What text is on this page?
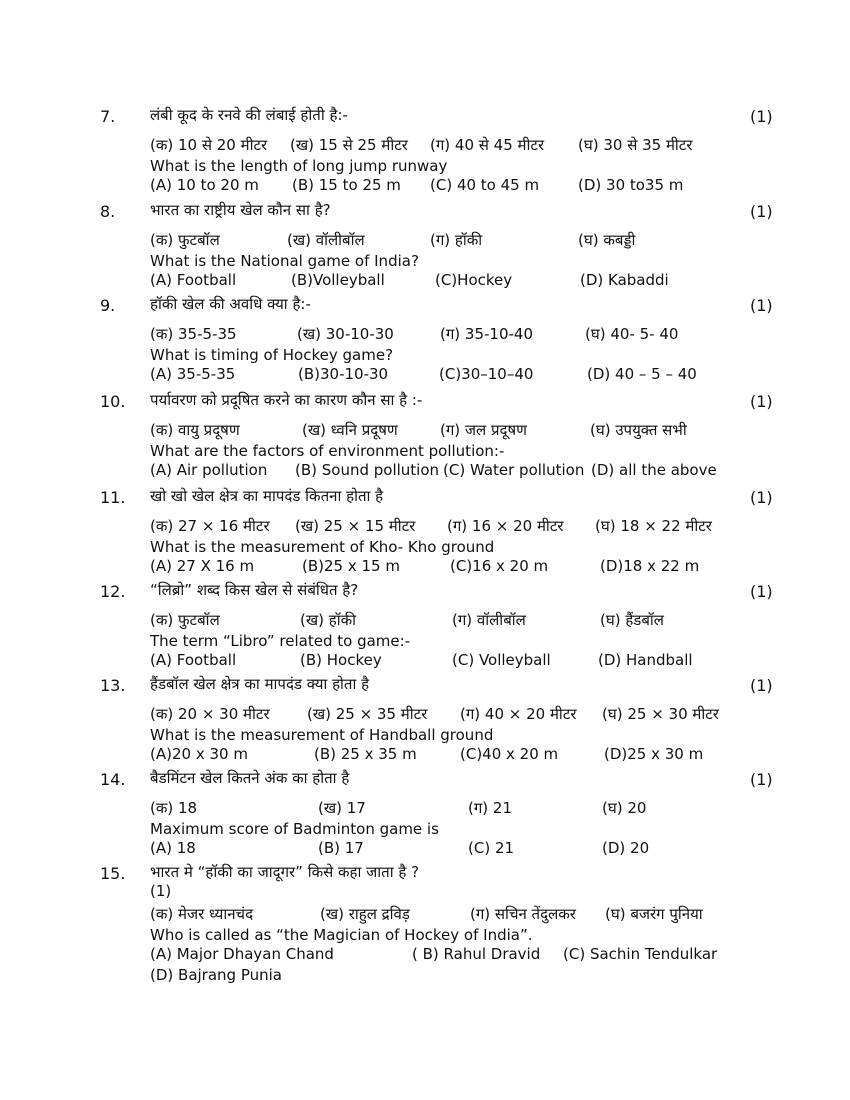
7. लंबी कूद के रनवे की लंबाई होती है:-	(1)
(क) 10 से 20 मीटर (ख) 15 से 25 मीटर (ग) 40 से 45 मीटर (घ) 30 से 35 मीटर
What is the length of long jump runway
(A) 10 to 20 m (B) 15 to 25 m (C) 40 to 45 m	(D) 30 to35 m
8. भारत का राष्ट्रीय खेल कौन सा है?	(1)
(क) फुटबॉल	(ख) वॉलीबॉल	(ग) हॉकी	(घ) कबड्डी
What is the National game of India?
(A) Football	(B)Volleyball	(C)Hockey	(D) Kabaddi
9. हॉकी खेल की अवधि क्या है:-	(1)
(क) 35-5-35	(ख) 30-10-30	(ग) 35-10-40	(घ) 40- 5- 40
What is timing of Hockey game?
(A) 35-5-35	(B)30-10-30	(C)30–10–40	(D) 40 – 5 – 40
10. पर्यावरण को प्रदूषित करने का कारण कौन सा है :-	(1)
(क) वायु प्रदूषण	(ख) ध्वनि प्रदूषण	(ग) जल प्रदूषण	(घ) उपयुक्त सभी
What are the factors of environment pollution:-
(A) Air pollution (B) Sound pollution (C) Water pollution (D) all the above
11. खो खो खेल क्षेत्र का मापदंड कितना होता है	(1)
(क) 27 × 16 मीटर (ख) 25 × 15 मीटर (ग) 16 × 20 मीटर (घ) 18 × 22 मीटर
What is the measurement of Kho- Kho ground
(A) 27 X 16 m	(B)25 x 15 m	(C)16 x 20 m	(D)18 x 22 m
12. “लिब्रो” शब्द किस खेल से संबंधित है?	(1)
(क) फुटबॉल	(ख) हॉकी	(ग) वॉलीबॉल	(घ) हैंडबॉल
The term “Libro” related to game:-
(A) Football	(B) Hockey	(C) Volleyball	(D) Handball
13. हैंडबॉल खेल क्षेत्र का मापदंड क्या होता है	(1)
(क) 20 × 30 मीटर (ख) 25 × 35 मीटर (ग) 40 × 20 मीटर (घ) 25 × 30 मीटर
What is the measurement of Handball ground
(A)20 x 30 m	(B) 25 x 35 m	(C)40 x 20 m	(D)25 x 30 m
14. बैडमिंटन खेल कितने अंक का होता है	(1)
(क) 18	(ख) 17	(ग) 21	(घ) 20
Maximum score of Badminton game is
(A) 18	(B) 17	(C) 21	(D) 20
15. भारत मे “हॉकी का जादूगर” किसे कहा जाता है ?
(1)
(क) मेजर ध्यानचंद	(ख) राहुल द्रविड़	(ग) सचिन तेंदुलकर (घ) बजरंग पुनिया
Who is called as “the Magician of Hockey of India”.
(A) Major Dhayan Chand	( B) Rahul Dravid (C) Sachin Tendulkar
(D) Bajrang Punia
